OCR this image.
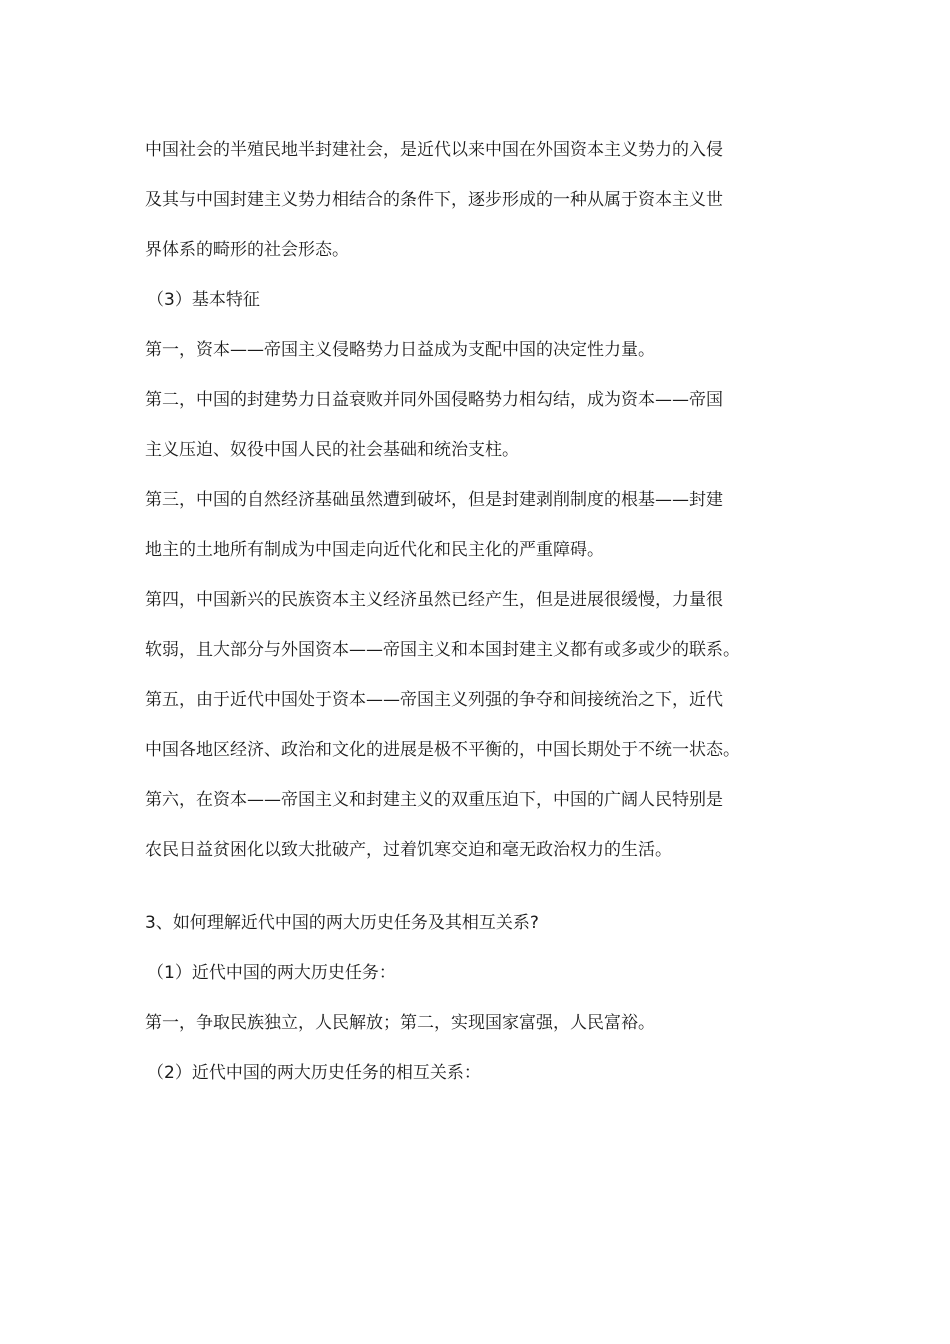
中国社会的半殖民地半封建社会，是近代以来中国在外国资本主义势力的入侵
及其与中国封建主义势力相结合的条件下，逐步形成的一种从属于资本主义世
界体系的畸形的社会形态。
（3）基本特征
第一，资本——帝国主义侵略势力日益成为支配中国的决定性力量。
第二，中国的封建势力日益衰败并同外国侵略势力相勾结，成为资本——帝国
主义压迫、奴役中国人民的社会基础和统治支柱。
第三，中国的自然经济基础虽然遭到破坏，但是封建剥削制度的根基——封建
地主的土地所有制成为中国走向近代化和民主化的严重障碍。
第四，中国新兴的民族资本主义经济虽然已经产生，但是进展很缓慢，力量很
软弱，且大部分与外国资本——帝国主义和本国封建主义都有或多或少的联系。
第五，由于近代中国处于资本——帝国主义列强的争夺和间接统治之下，近代
中国各地区经济、政治和文化的进展是极不平衡的，中国长期处于不统一状态。
第六，在资本——帝国主义和封建主义的双重压迫下，中国的广阔人民特别是
农民日益贫困化以致大批破产，过着饥寒交迫和毫无政治权力的生活。
3、如何理解近代中国的两大历史任务及其相互关系?
（1）近代中国的两大历史任务：
第一，争取民族独立，人民解放；第二，实现国家富强，人民富裕。
（2）近代中国的两大历史任务的相互关系：
